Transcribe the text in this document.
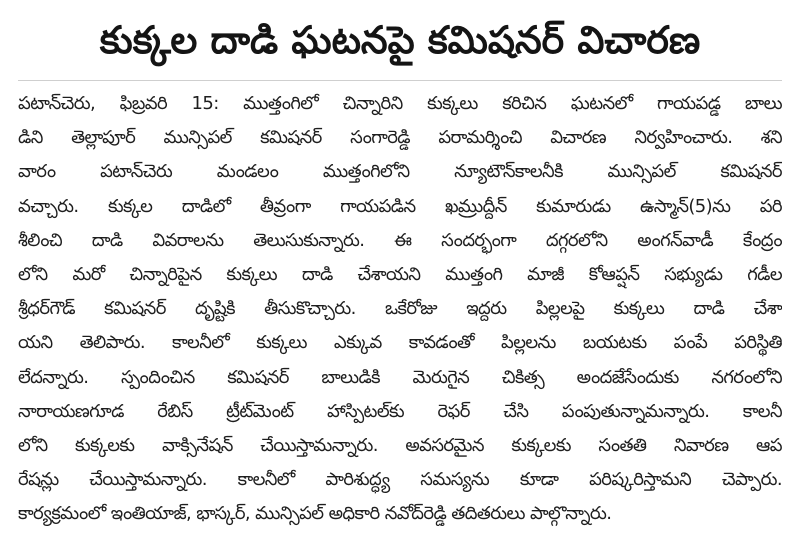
కుక్కల దాడి ఘటనపై కమిషనర్ విచారణ
పటాన్‌చెరు, ఫిబ్రవరి 15: ముత్తంగిలో చిన్నారిని కుక్కలు కరిచిన ఘటనలో గాయపడ్డ బాలు
డిని తెల్లాపూర్ మున్సిపల్ కమిషనర్ సంగారెడ్డి పరామర్శించి విచారణ నిర్వహించారు. శని
వారం పటాన్‌చెరు మండలం ముత్తంగిలోని న్యూటౌన్‌కాలనీకి మున్సిపల్ కమిషనర్
వచ్చారు. కుక్కల దాడిలో తీవ్రంగా గాయపడిన ఖమ్రుద్దీన్ కుమారుడు ఉస్మాన్(5)ను పరి
శీలించి దాడి వివరాలను తెలుసుకున్నారు. ఈ సందర్భంగా దగ్గరలోని అంగన్‌వాడీ కేంద్రం
లోని మరో చిన్నారిపైన కుక్కలు దాడి చేశాయని ముత్తంగి మాజీ కోఆప్షన్ సభ్యుడు గడీల
శ్రీధర్‌గౌడ్ కమిషనర్ దృష్టికి తీసుకొచ్చారు. ఒకేరోజు ఇద్దరు పిల్లలపై కుక్కలు దాడి చేశా
యని తెలిపారు. కాలనీలో కుక్కలు ఎక్కువ కావడంతో పిల్లలను బయటకు పంపే పరిస్థితి
లేదన్నారు. స్పందించిన కమిషనర్ బాలుడికి మెరుగైన చికిత్స అందజేసేందుకు నగరంలోని
నారాయణగూడ రేబిస్ ట్రీట్‌మెంట్ హాస్పిటల్‌కు రెఫర్ చేసి పంపుతున్నామన్నారు. కాలనీ
లోని కుక్కలకు వాక్సినేషన్ చేయిస్తామన్నారు. అవసరమైన కుక్కలకు సంతతి నివారణ ఆప
రేషన్లు చేయిస్తామన్నారు. కాలనీలో పారిశుద్ధ్య సమస్యను కూడా పరిష్కరిస్తామని చెప్పారు.
కార్యక్రమంలో ఇంతియాజ్, భాస్కర్, మున్సిపల్ అధికారి నవోద్‌రెడ్డి తదితరులు పాల్గొన్నారు.
